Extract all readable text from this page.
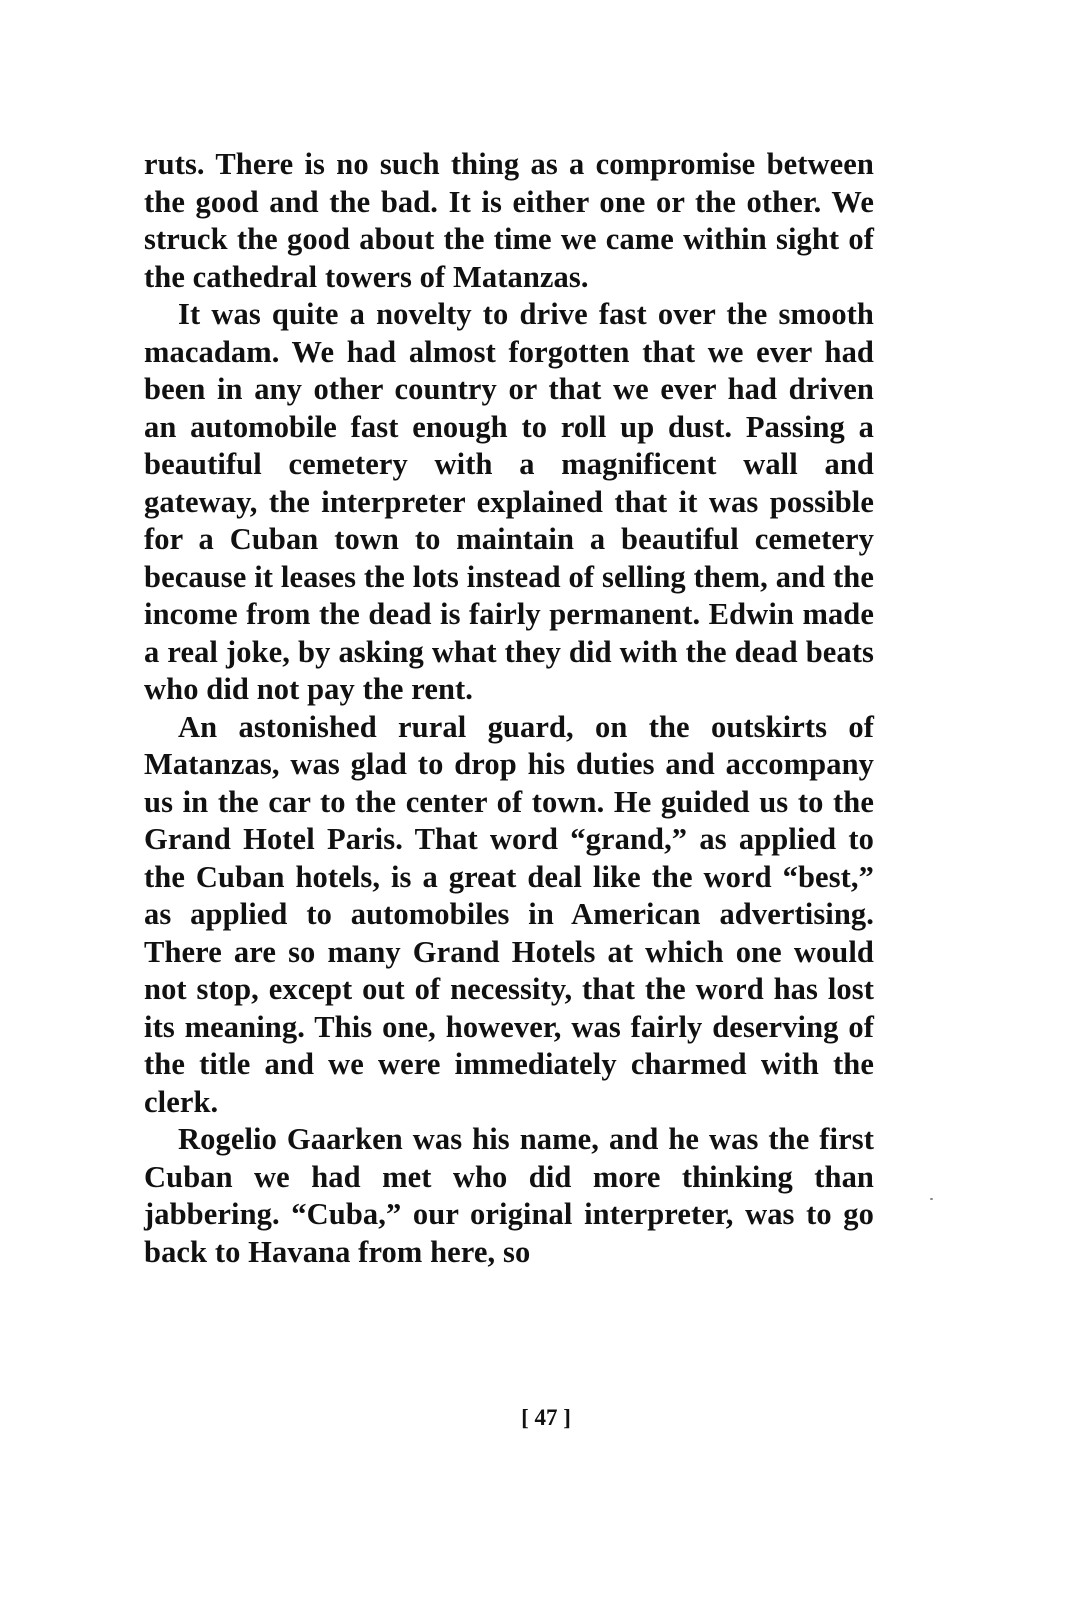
ruts. There is no such thing as a compromise between the good and the bad. It is either one or the other. We struck the good about the time we came within sight of the cathedral towers of Matanzas.

It was quite a novelty to drive fast over the smooth macadam. We had almost forgotten that we ever had been in any other country or that we ever had driven an automobile fast enough to roll up dust. Passing a beautiful cemetery with a magnificent wall and gateway, the interpreter explained that it was possible for a Cuban town to maintain a beautiful cemetery because it leases the lots instead of selling them, and the income from the dead is fairly permanent. Edwin made a real joke, by asking what they did with the dead beats who did not pay the rent.

An astonished rural guard, on the outskirts of Matanzas, was glad to drop his duties and accompany us in the car to the center of town. He guided us to the Grand Hotel Paris. That word “grand,” as applied to the Cuban hotels, is a great deal like the word “best,” as applied to automobiles in American advertising. There are so many Grand Hotels at which one would not stop, except out of necessity, that the word has lost its meaning. This one, however, was fairly deserving of the title and we were immediately charmed with the clerk.

Rogelio Gaarken was his name, and he was the first Cuban we had met who did more thinking than jabbering. “Cuba,” our original interpreter, was to go back to Havana from here, so

[ 47 ]
